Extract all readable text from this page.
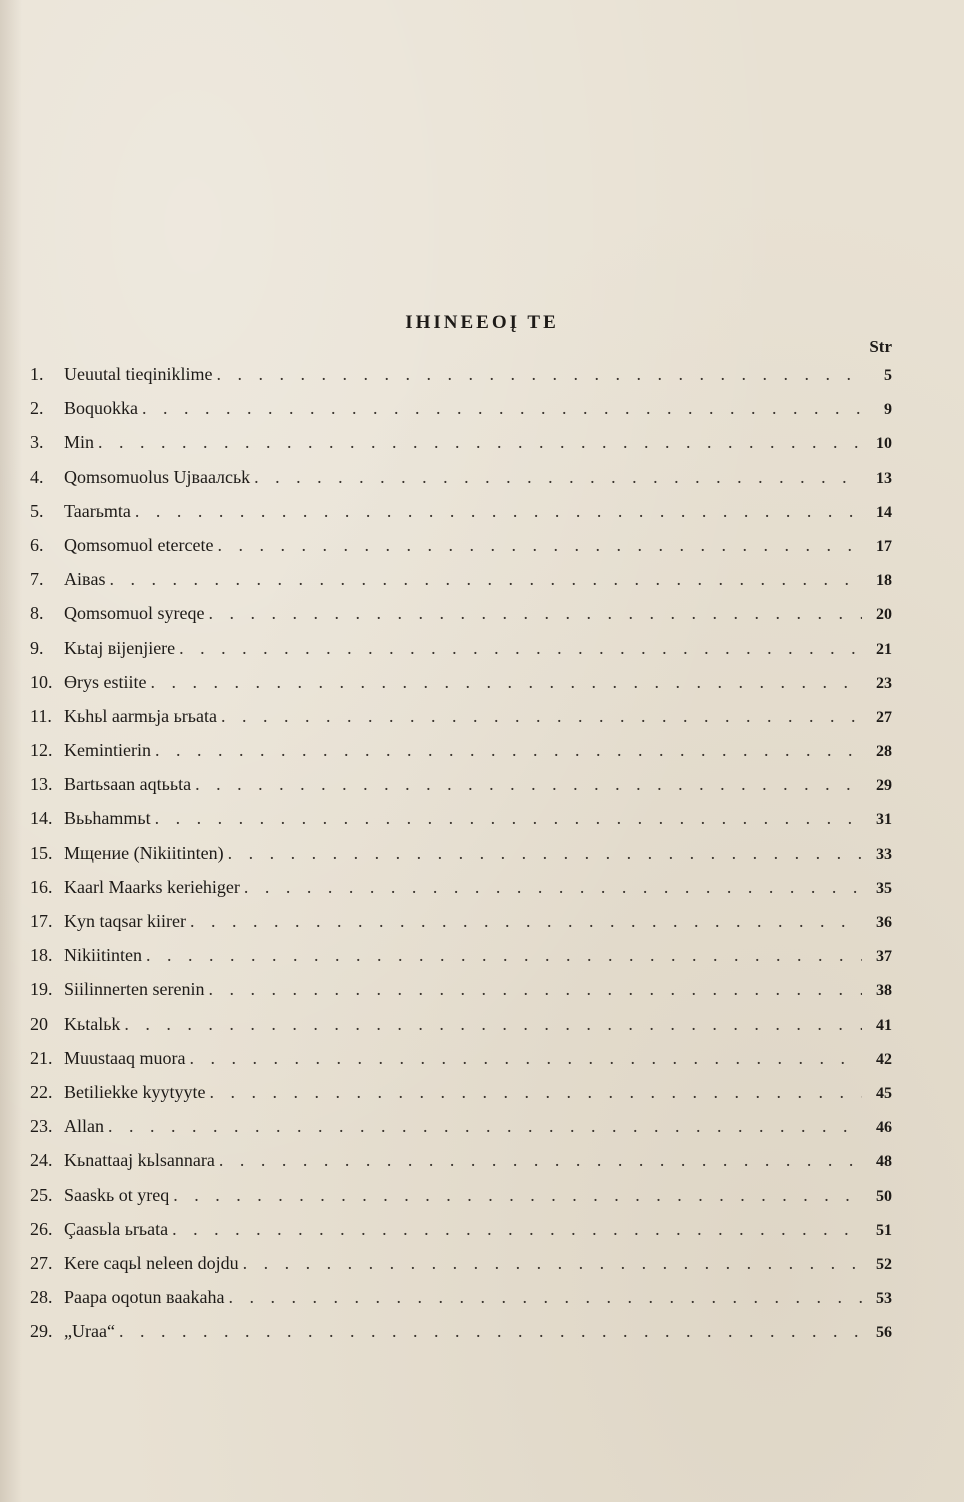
IHINEEOĮ TE
Str
1.	Ueuutal tieqiniklime . . .	5
2.	Boquokka . . .	9
3.	Min . . .	10
4.	Qomsomuolus Ujвaaлcьk . . .	13
5.	Taarьmta . . .	14
6.	Qomsomuol etercete . . .	17
7.	Aiвas . . .	18
8.	Qomsomuol syreqe . . .	20
9.	Kьtaj вijenjiere . . .	21
10. Өrys estiite . . .	23
11. Kьhьl aarmьja ьrьata . . .	27
12. Kemintierin . . .	28
13. Bartьsaan aqtььta . . .	29
14. Bььhammьt . . .	31
15. Mщение (Nikiitinten) . . .	33
16. Kaarl Maarks keriehiger . . .	35
17. Kyn taqsar kiirer . . .	36
18. Nikiitinten . . .	37
19. Siilinnerten serenin . . .	38
20 Kьtalьk . . .	41
21. Muustaaq muora . . .	42
22. Betiliekke kyytyyte . . .	45
23. Allan . . .	46
24. Kьnattaaj kьlsannara . . .	48
25. Saaskь ot yreq . . .	50
26. Çaasьla ьrьata . . .	51
27. Kere caqьl neleen dojdu . . .	52
28. Paapa oqotun вaakaha . . .	53
29. „Uraa“ . . .	56
